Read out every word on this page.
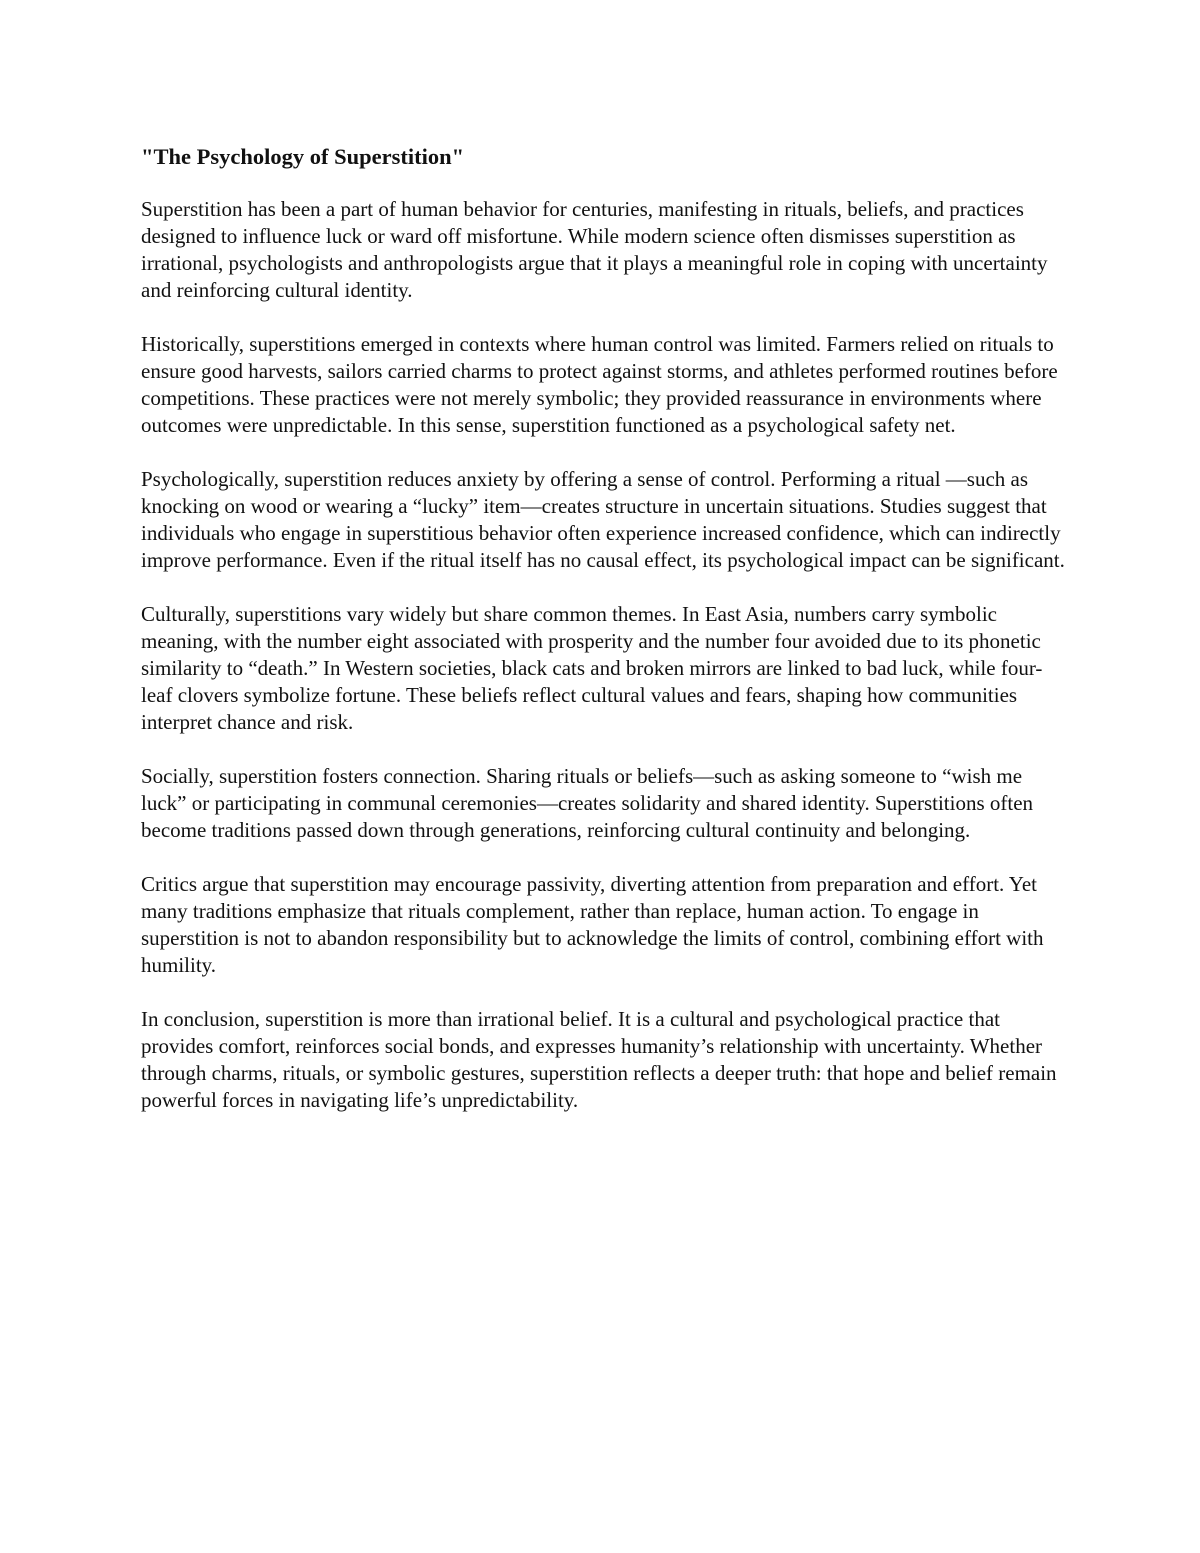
"The Psychology of Superstition"

Superstition has been a part of human behavior for centuries, manifesting in rituals, beliefs, and practices designed to influence luck or ward off misfortune. While modern science often dismisses superstition as irrational, psychologists and anthropologists argue that it plays a meaningful role in coping with uncertainty and reinforcing cultural identity.

Historically, superstitions emerged in contexts where human control was limited. Farmers relied on rituals to ensure good harvests, sailors carried charms to protect against storms, and athletes performed routines before competitions. These practices were not merely symbolic; they provided reassurance in environments where outcomes were unpredictable. In this sense, superstition functioned as a psychological safety net.

Psychologically, superstition reduces anxiety by offering a sense of control. Performing a ritual —such as knocking on wood or wearing a “lucky” item—creates structure in uncertain situations. Studies suggest that individuals who engage in superstitious behavior often experience increased confidence, which can indirectly improve performance. Even if the ritual itself has no causal effect, its psychological impact can be significant.

Culturally, superstitions vary widely but share common themes. In East Asia, numbers carry symbolic meaning, with the number eight associated with prosperity and the number four avoided due to its phonetic similarity to “death.” In Western societies, black cats and broken mirrors are linked to bad luck, while four-leaf clovers symbolize fortune. These beliefs reflect cultural values and fears, shaping how communities interpret chance and risk.

Socially, superstition fosters connection. Sharing rituals or beliefs—such as asking someone to “wish me luck” or participating in communal ceremonies—creates solidarity and shared identity. Superstitions often become traditions passed down through generations, reinforcing cultural continuity and belonging.

Critics argue that superstition may encourage passivity, diverting attention from preparation and effort. Yet many traditions emphasize that rituals complement, rather than replace, human action. To engage in superstition is not to abandon responsibility but to acknowledge the limits of control, combining effort with humility.

In conclusion, superstition is more than irrational belief. It is a cultural and psychological practice that provides comfort, reinforces social bonds, and expresses humanity’s relationship with uncertainty. Whether through charms, rituals, or symbolic gestures, superstition reflects a deeper truth: that hope and belief remain powerful forces in navigating life’s unpredictability.
